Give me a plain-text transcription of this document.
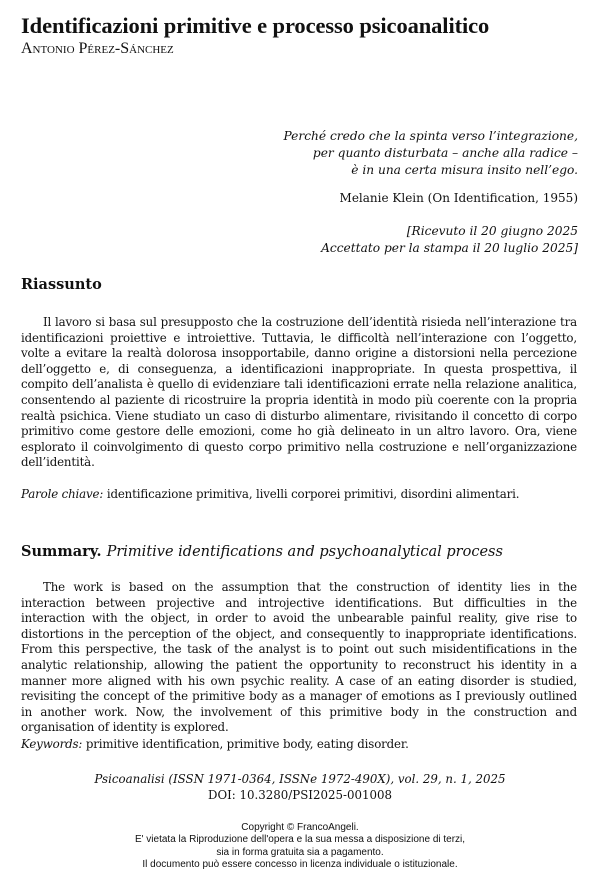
Identificazioni primitive e processo psicoanalitico
Antonio Pérez-Sánchez
Perché credo che la spinta verso l’integrazione,
per quanto disturbata – anche alla radice –
è in una certa misura insito nell’ego.
Melanie Klein (On Identification, 1955)
[Ricevuto il 20 giugno 2025
Accettato per la stampa il 20 luglio 2025]
Riassunto

Il lavoro si basa sul presupposto che la costruzione dell’identità risieda nell’interazione tra identificazioni proiettive e introiettive. Tuttavia, le difficoltà nell’interazione con l’oggetto, volte a evitare la realtà dolorosa insopportabile, danno origine a distorsioni nella percezione dell’oggetto e, di conseguenza, a identificazioni inappropriate. In questa prospettiva, il compito dell’analista è quello di evidenziare tali identificazioni errate nella relazione analitica, consentendo al paziente di ricostruire la propria identità in modo più coerente con la propria realtà psichica. Viene studiato un caso di disturbo alimentare, rivisitando il concetto di corpo primitivo come gestore delle emozioni, come ho già delineato in un altro lavoro. Ora, viene esplorato il coinvolgimento di questo corpo primitivo nella costruzione e nell’organizzazione dell’identità.

Parole chiave: identificazione primitiva, livelli corporei primitivi, disordini alimentari.

Summary. Primitive identifications and psychoanalytical process

The work is based on the assumption that the construction of identity lies in the interaction between projective and introjective identifications. But difficulties in the interaction with the object, in order to avoid the unbearable painful reality, give rise to distortions in the perception of the object, and consequently to inappropriate identifications. From this perspective, the task of the analyst is to point out such misidentifications in the analytic relationship, allowing the patient the opportunity to reconstruct his identity in a manner more aligned with his own psychic reality. A case of an eating disorder is studied, revisiting the concept of the primitive body as a manager of emotions as I previously outlined in another work. Now, the involvement of this primitive body in the construction and organisation of identity is explored.

Keywords: primitive identification, primitive body, eating disorder.

Psicoanalisi (ISSN 1971-0364, ISSNe 1972-490X), vol. 29, n. 1, 2025
DOI: 10.3280/PSI2025-001008
Copyright © FrancoAngeli.
E' vietata la Riproduzione dell'opera e la sua messa a disposizione di terzi,
sia in forma gratuita sia a pagamento.
Il documento può essere concesso in licenza individuale o istituzionale.
